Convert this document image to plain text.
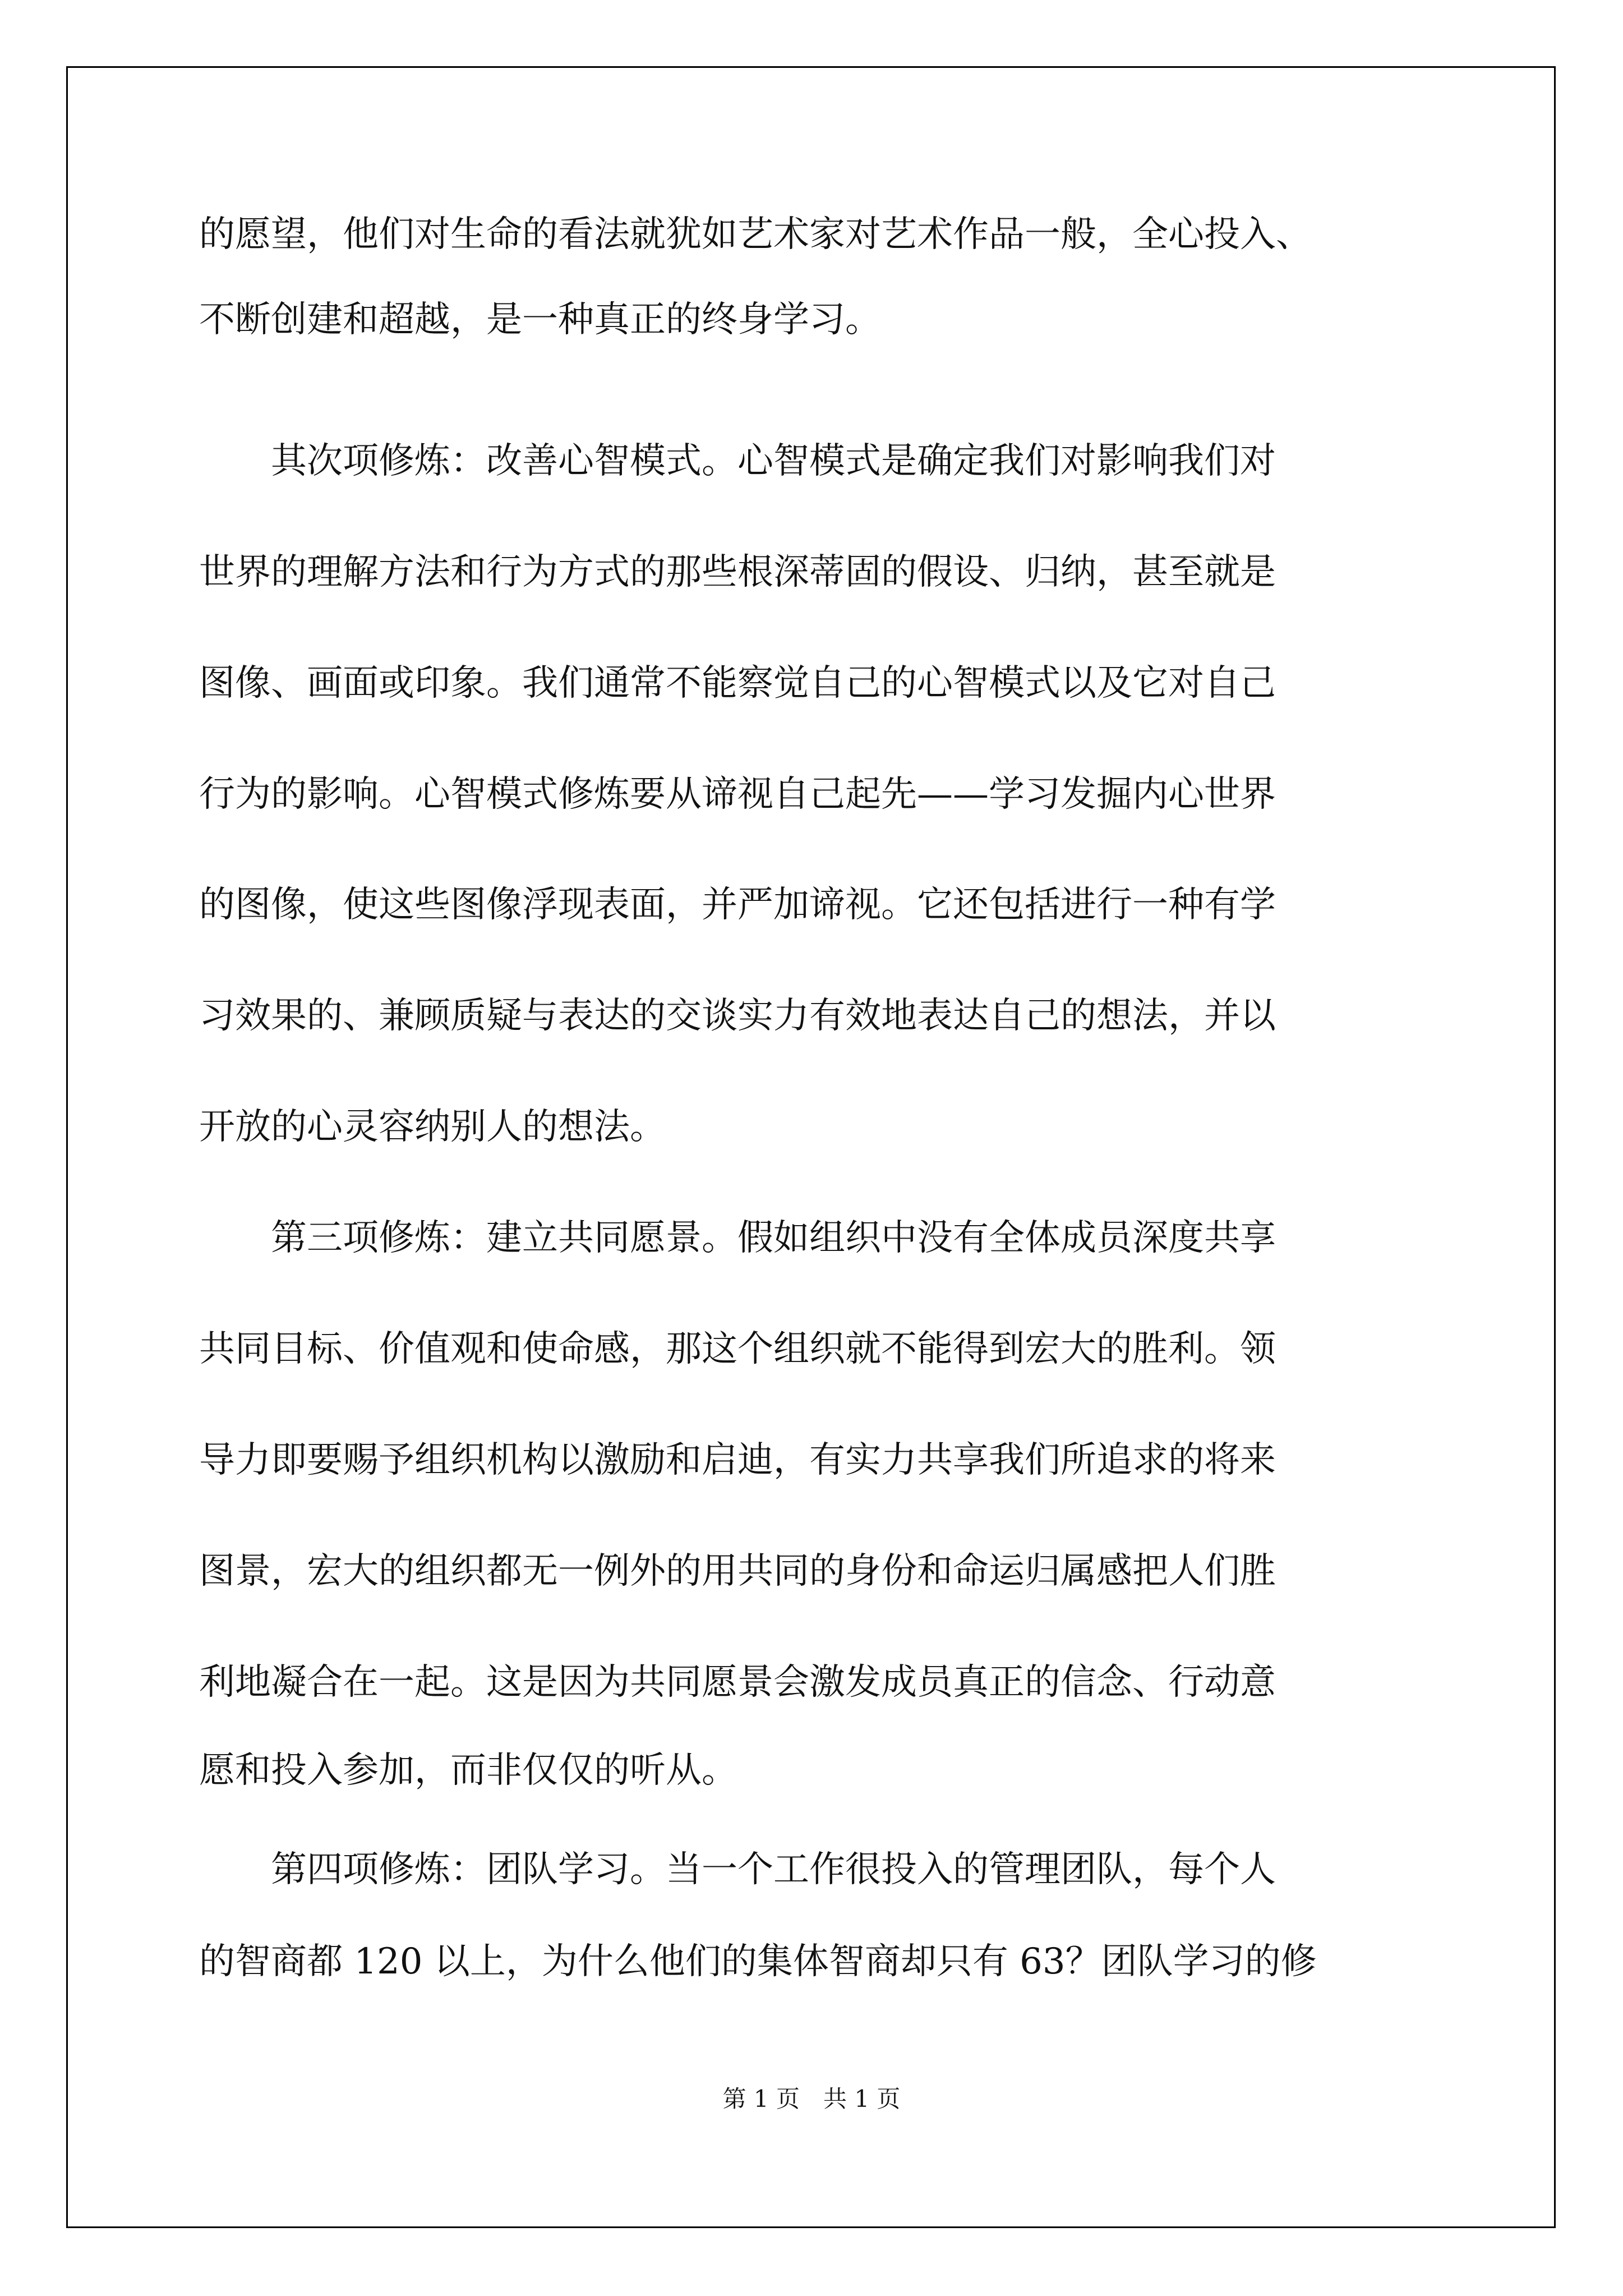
的愿望，他们对生命的看法就犹如艺术家对艺术作品一般，全心投入、
不断创建和超越，是一种真正的终身学习。
　　其次项修炼：改善心智模式。心智模式是确定我们对影响我们对
世界的理解方法和行为方式的那些根深蒂固的假设、归纳，甚至就是
图像、画面或印象。我们通常不能察觉自己的心智模式以及它对自己
行为的影响。心智模式修炼要从谛视自己起先——学习发掘内心世界
的图像，使这些图像浮现表面，并严加谛视。它还包括进行一种有学
习效果的、兼顾质疑与表达的交谈实力有效地表达自己的想法，并以
开放的心灵容纳别人的想法。
　　第三项修炼：建立共同愿景。假如组织中没有全体成员深度共享
共同目标、价值观和使命感，那这个组织就不能得到宏大的胜利。领
导力即要赐予组织机构以激励和启迪，有实力共享我们所追求的将来
图景，宏大的组织都无一例外的用共同的身份和命运归属感把人们胜
利地凝合在一起。这是因为共同愿景会激发成员真正的信念、行动意
愿和投入参加，而非仅仅的听从。
　　第四项修炼：团队学习。当一个工作很投入的管理团队，每个人
的智商都 120 以上，为什么他们的集体智商却只有 63？团队学习的修
第 1 页　共 1 页
